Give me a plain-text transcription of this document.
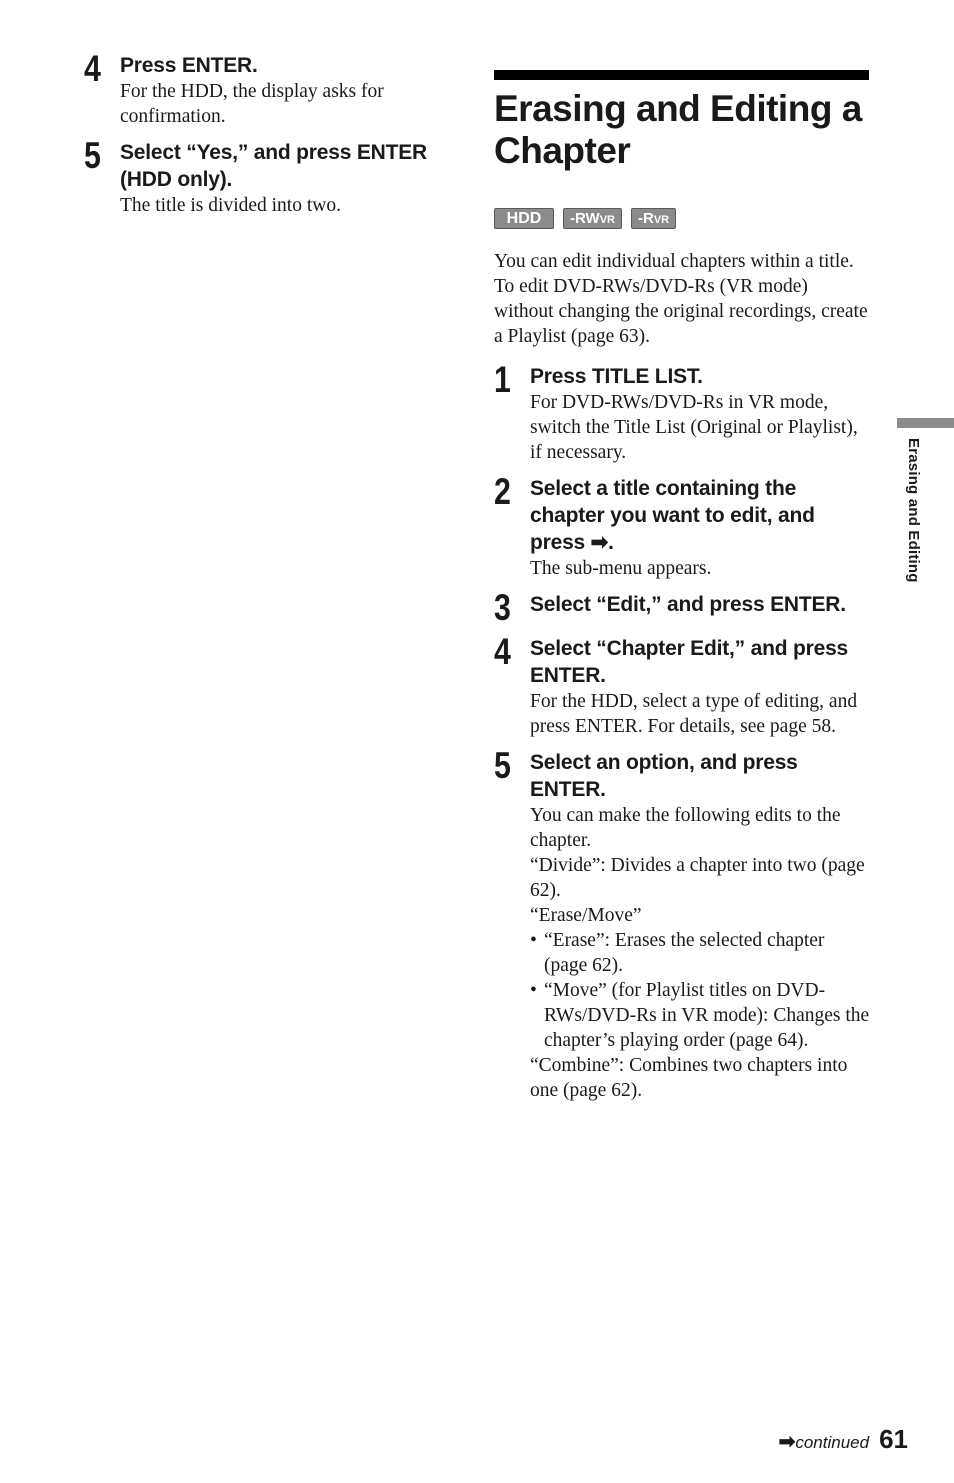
4 Press ENTER.

For the HDD, the display asks for confirmation.

5 Select “Yes,” and press ENTER (HDD only).

The title is divided into two.

Erasing and Editing a Chapter
HDD	-RWVR	-RVR

You can edit individual chapters within a title. To edit DVD-RWs/DVD-Rs (VR mode) without changing the original recordings, create a Playlist (page 63).

1 Press TITLE LIST.

For DVD-RWs/DVD-Rs in VR mode, switch the Title List (Original or Playlist), if necessary.

2 Select a title containing the chapter you want to edit, and press ➡.

The sub-menu appears.

3 Select “Edit,” and press ENTER.
4 Select “Chapter Edit,” and press ENTER.

For the HDD, select a type of editing, and press ENTER. For details, see page 58.

5 Select an option, and press ENTER.

You can make the following edits to the chapter.

“Divide”: Divides a chapter into two (page 62).

“Erase/Move”

• “Erase”: Erases the selected chapter (page 62).
• “Move” (for Playlist titles on DVD-RWs/DVD-Rs in VR mode): Changes the chapter’s playing order (page 64).

“Combine”: Combines two chapters into one (page 62).

Erasing and Editing
➡continued 61
